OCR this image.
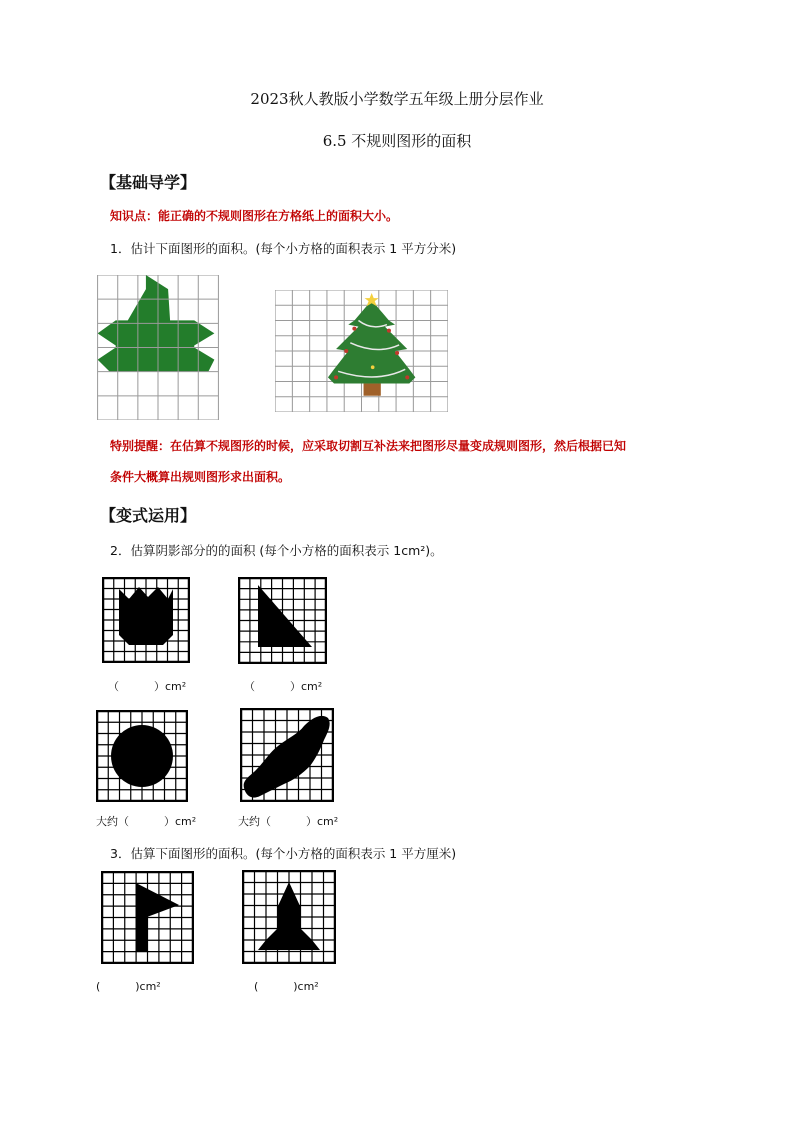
2023秋人教版小学数学五年级上册分层作业
6.5 不规则图形的面积
【基础导学】
知识点：能正确的不规则图形在方格纸上的面积大小。
1．估计下面图形的面积。(每个小方格的面积表示 1 平方分米)
特别提醒：在估算不规图形的时候，应采取切割互补法来把图形尽量变成规则图形，然后根据已知
条件大概算出规则图形求出面积。
【变式运用】
2．估算阴影部分的的面积 (每个小方格的面积表示 1cm²)。
（          ）cm²	（          ）cm²
大约（          ）cm²	大约（          ）cm²
3．估算下面图形的面积。(每个小方格的面积表示 1 平方厘米)
(          )cm²	(          )cm²
